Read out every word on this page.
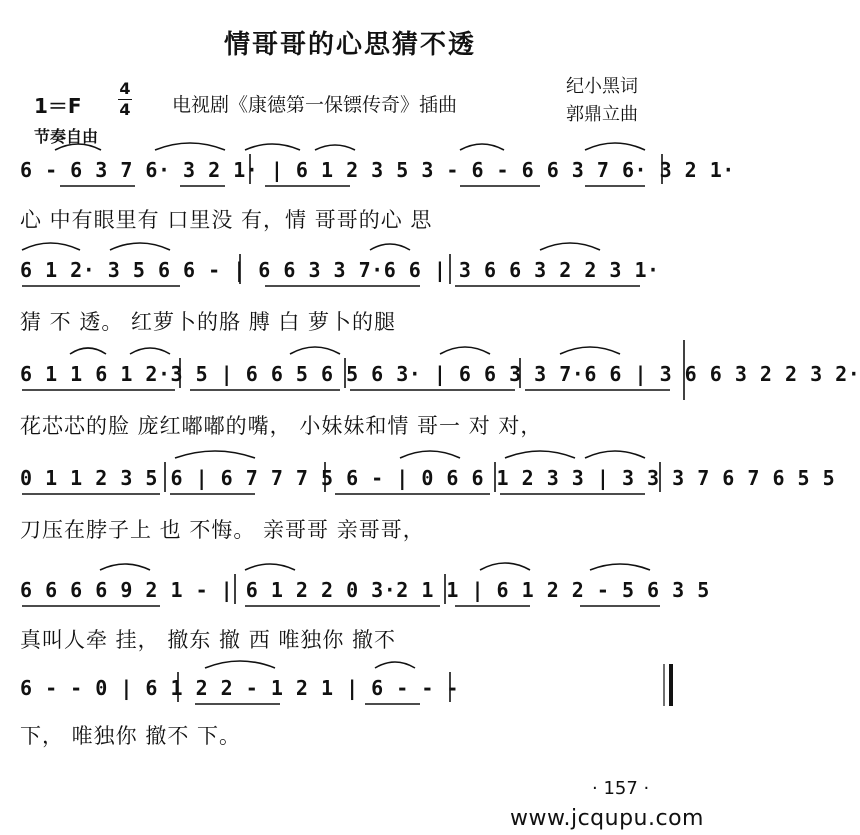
情哥哥的心思猜不透
1＝F
4
4 电视剧《康德第一保镖传奇》插曲
纪小黑词
郭鼎立曲
节奏自由
6 - 6 3 7 6· 3 2 1· | 6 1 2 3 5 3 - 6 - 6 6 3 7 6· 3 2 1·
心 中有眼里有 口里没 有，情 哥哥的心 思
6 1 2· 3 5 6 6 - | 6 6 3 3 7·6 6 | 3 6 6 3 2 2 3 1·
猜 不 透。 红萝卜的胳 膊 白 萝卜的腿
6 1 1 6 1 2·3 5 | 6 6 5 6 5 6 3· | 6 6 3 3 7·6 6 | 3 6 6 3 2 2 3 2·
花芯芯的脸 庞红嘟嘟的嘴， 小妹妹和情 哥一 对 对，
0 1 1 2 3 5 6 | 6 7 7 7 5 6 - | 0 6 6 1 2 3 3 | 3 3 3 7 6 7 6 5 5
刀压在脖子上 也 不悔。 亲哥哥 亲哥哥，
6 6 6 6 9 2 1 - | 6 1 2 2 0 3·2 1 1 | 6 1 2 2 - 5 6 3 5
真叫人牵 挂， 撤东 撤 西 唯独你 撤不
6 - - 0 | 6 1 2 2 - 1 2 1 | 6 - - -
下， 唯独你 撤不 下。
· 157 ·
www.jcqupu.com
